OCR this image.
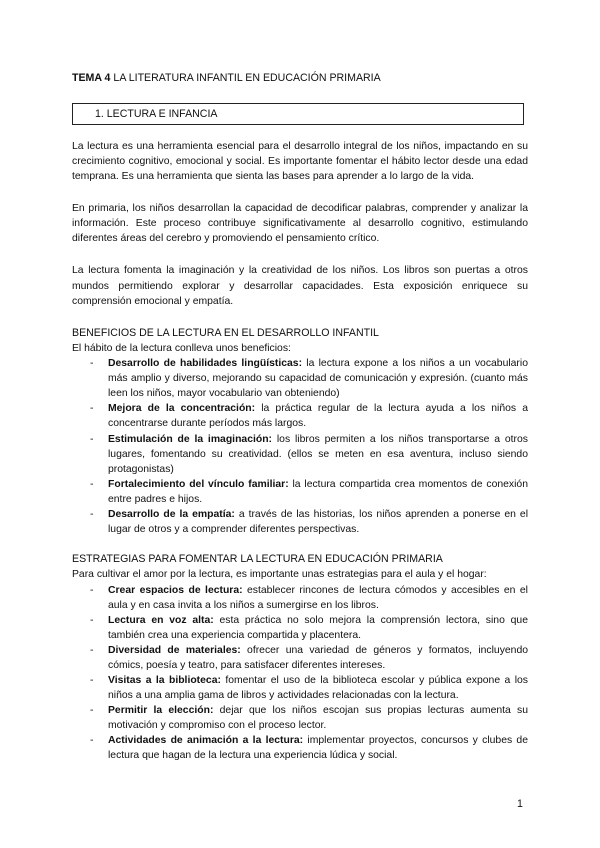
TEMA 4 LA LITERATURA INFANTIL EN EDUCACIÓN PRIMARIA
1. LECTURA E INFANCIA

La lectura es una herramienta esencial para el desarrollo integral de los niños, impactando en su crecimiento cognitivo, emocional y social. Es importante fomentar el hábito lector desde una edad temprana. Es una herramienta que sienta las bases para aprender a lo largo de la vida.

En primaria, los niños desarrollan la capacidad de decodificar palabras, comprender y analizar la información. Este proceso contribuye significativamente al desarrollo cognitivo, estimulando diferentes áreas del cerebro y promoviendo el pensamiento crítico.

La lectura fomenta la imaginación y la creatividad de los niños. Los libros son puertas a otros mundos permitiendo explorar y desarrollar capacidades. Esta exposición enriquece su comprensión emocional y empatía.

BENEFICIOS DE LA LECTURA EN EL DESARROLLO INFANTIL
El hábito de la lectura conlleva unos beneficios:
- Desarrollo de habilidades lingüísticas: la lectura expone a los niños a un vocabulario más amplio y diverso, mejorando su capacidad de comunicación y expresión. (cuanto más leen los niños, mayor vocabulario van obteniendo)
- Mejora de la concentración: la práctica regular de la lectura ayuda a los niños a concentrarse durante períodos más largos.
- Estimulación de la imaginación: los libros permiten a los niños transportarse a otros lugares, fomentando su creatividad. (ellos se meten en esa aventura, incluso siendo protagonistas)
- Fortalecimiento del vínculo familiar: la lectura compartida crea momentos de conexión entre padres e hijos.
- Desarrollo de la empatía: a través de las historias, los niños aprenden a ponerse en el lugar de otros y a comprender diferentes perspectivas.
ESTRATEGIAS PARA FOMENTAR LA LECTURA EN EDUCACIÓN PRIMARIA
Para cultivar el amor por la lectura, es importante unas estrategias para el aula y el hogar:
- Crear espacios de lectura: establecer rincones de lectura cómodos y accesibles en el aula y en casa invita a los niños a sumergirse en los libros.
- Lectura en voz alta: esta práctica no solo mejora la comprensión lectora, sino que también crea una experiencia compartida y placentera.
- Diversidad de materiales: ofrecer una variedad de géneros y formatos, incluyendo cómics, poesía y teatro, para satisfacer diferentes intereses.
- Visitas a la biblioteca: fomentar el uso de la biblioteca escolar y pública expone a los niños a una amplia gama de libros y actividades relacionadas con la lectura.
- Permitir la elección: dejar que los niños escojan sus propias lecturas aumenta su motivación y compromiso con el proceso lector.
- Actividades de animación a la lectura: implementar proyectos, concursos y clubes de lectura que hagan de la lectura una experiencia lúdica y social.
1
